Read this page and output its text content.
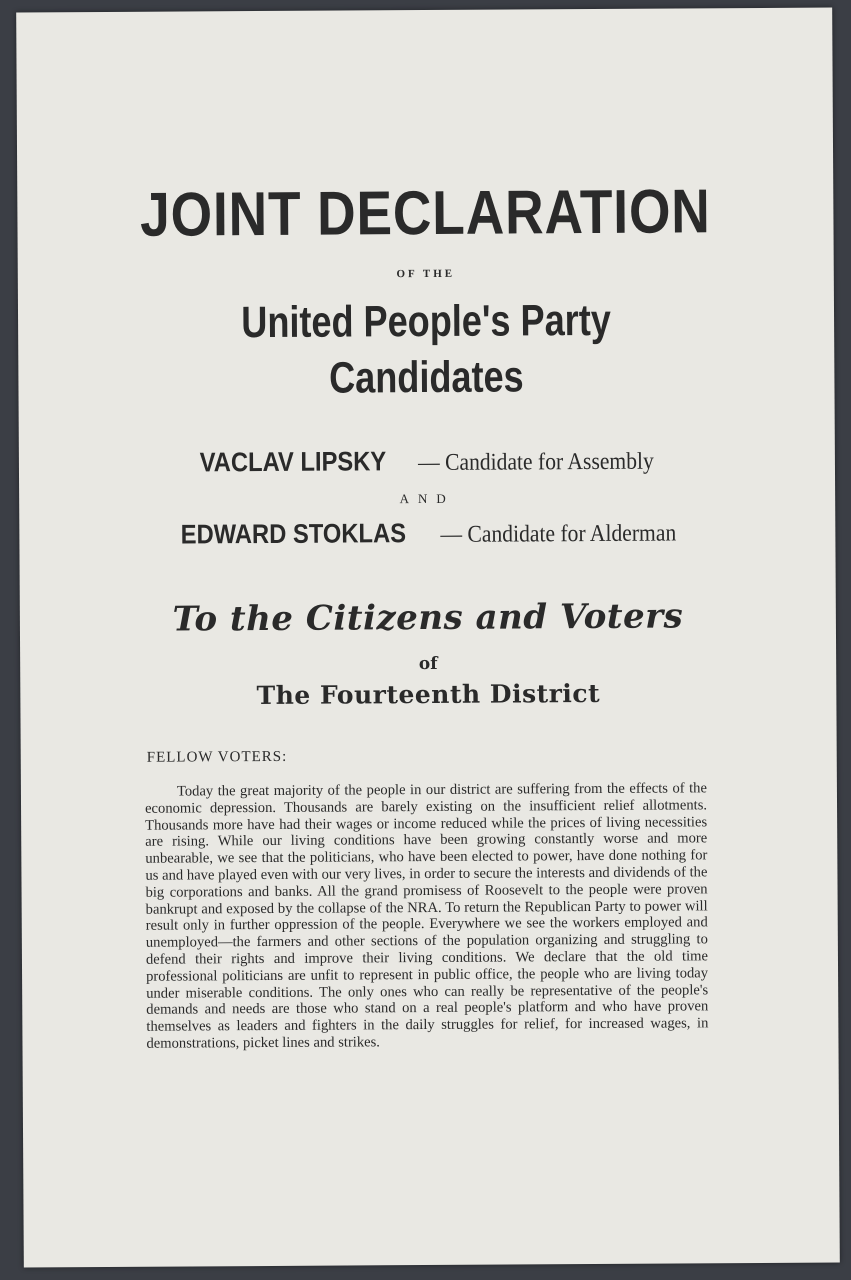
JOINT DECLARATION
OF THE
United People's Party
Candidates
VACLAV LIPSKY — Candidate for Assembly
AND
EDWARD STOKLAS — Candidate for Alderman
To the Citizens and Voters
of
The Fourteenth District
FELLOW VOTERS:
Today the great majority of the people in our district are suffering from the effects of the economic depression. Thousands are barely existing on the insufficient relief allotments. Thousands more have had their wages or income reduced while the prices of living necessities are rising. While our living conditions have been growing constantly worse and more unbearable, we see that the politicians, who have been elected to power, have done nothing for us and have played even with our very lives, in order to secure the interests and dividends of the big corporations and banks. All the grand promisess of Roosevelt to the people were proven bankrupt and exposed by the collapse of the NRA. To return the Republican Party to power will result only in further oppression of the people. Everywhere we see the workers employed and unemployed—the farmers and other sections of the population organizing and struggling to defend their rights and improve their living conditions. We declare that the old time professional politicians are unfit to represent in public office, the people who are living today under miserable conditions. The only ones who can really be representative of the people's demands and needs are those who stand on a real people's platform and who have proven themselves as leaders and fighters in the daily struggles for relief, for increased wages, in demonstrations, picket lines and strikes.
